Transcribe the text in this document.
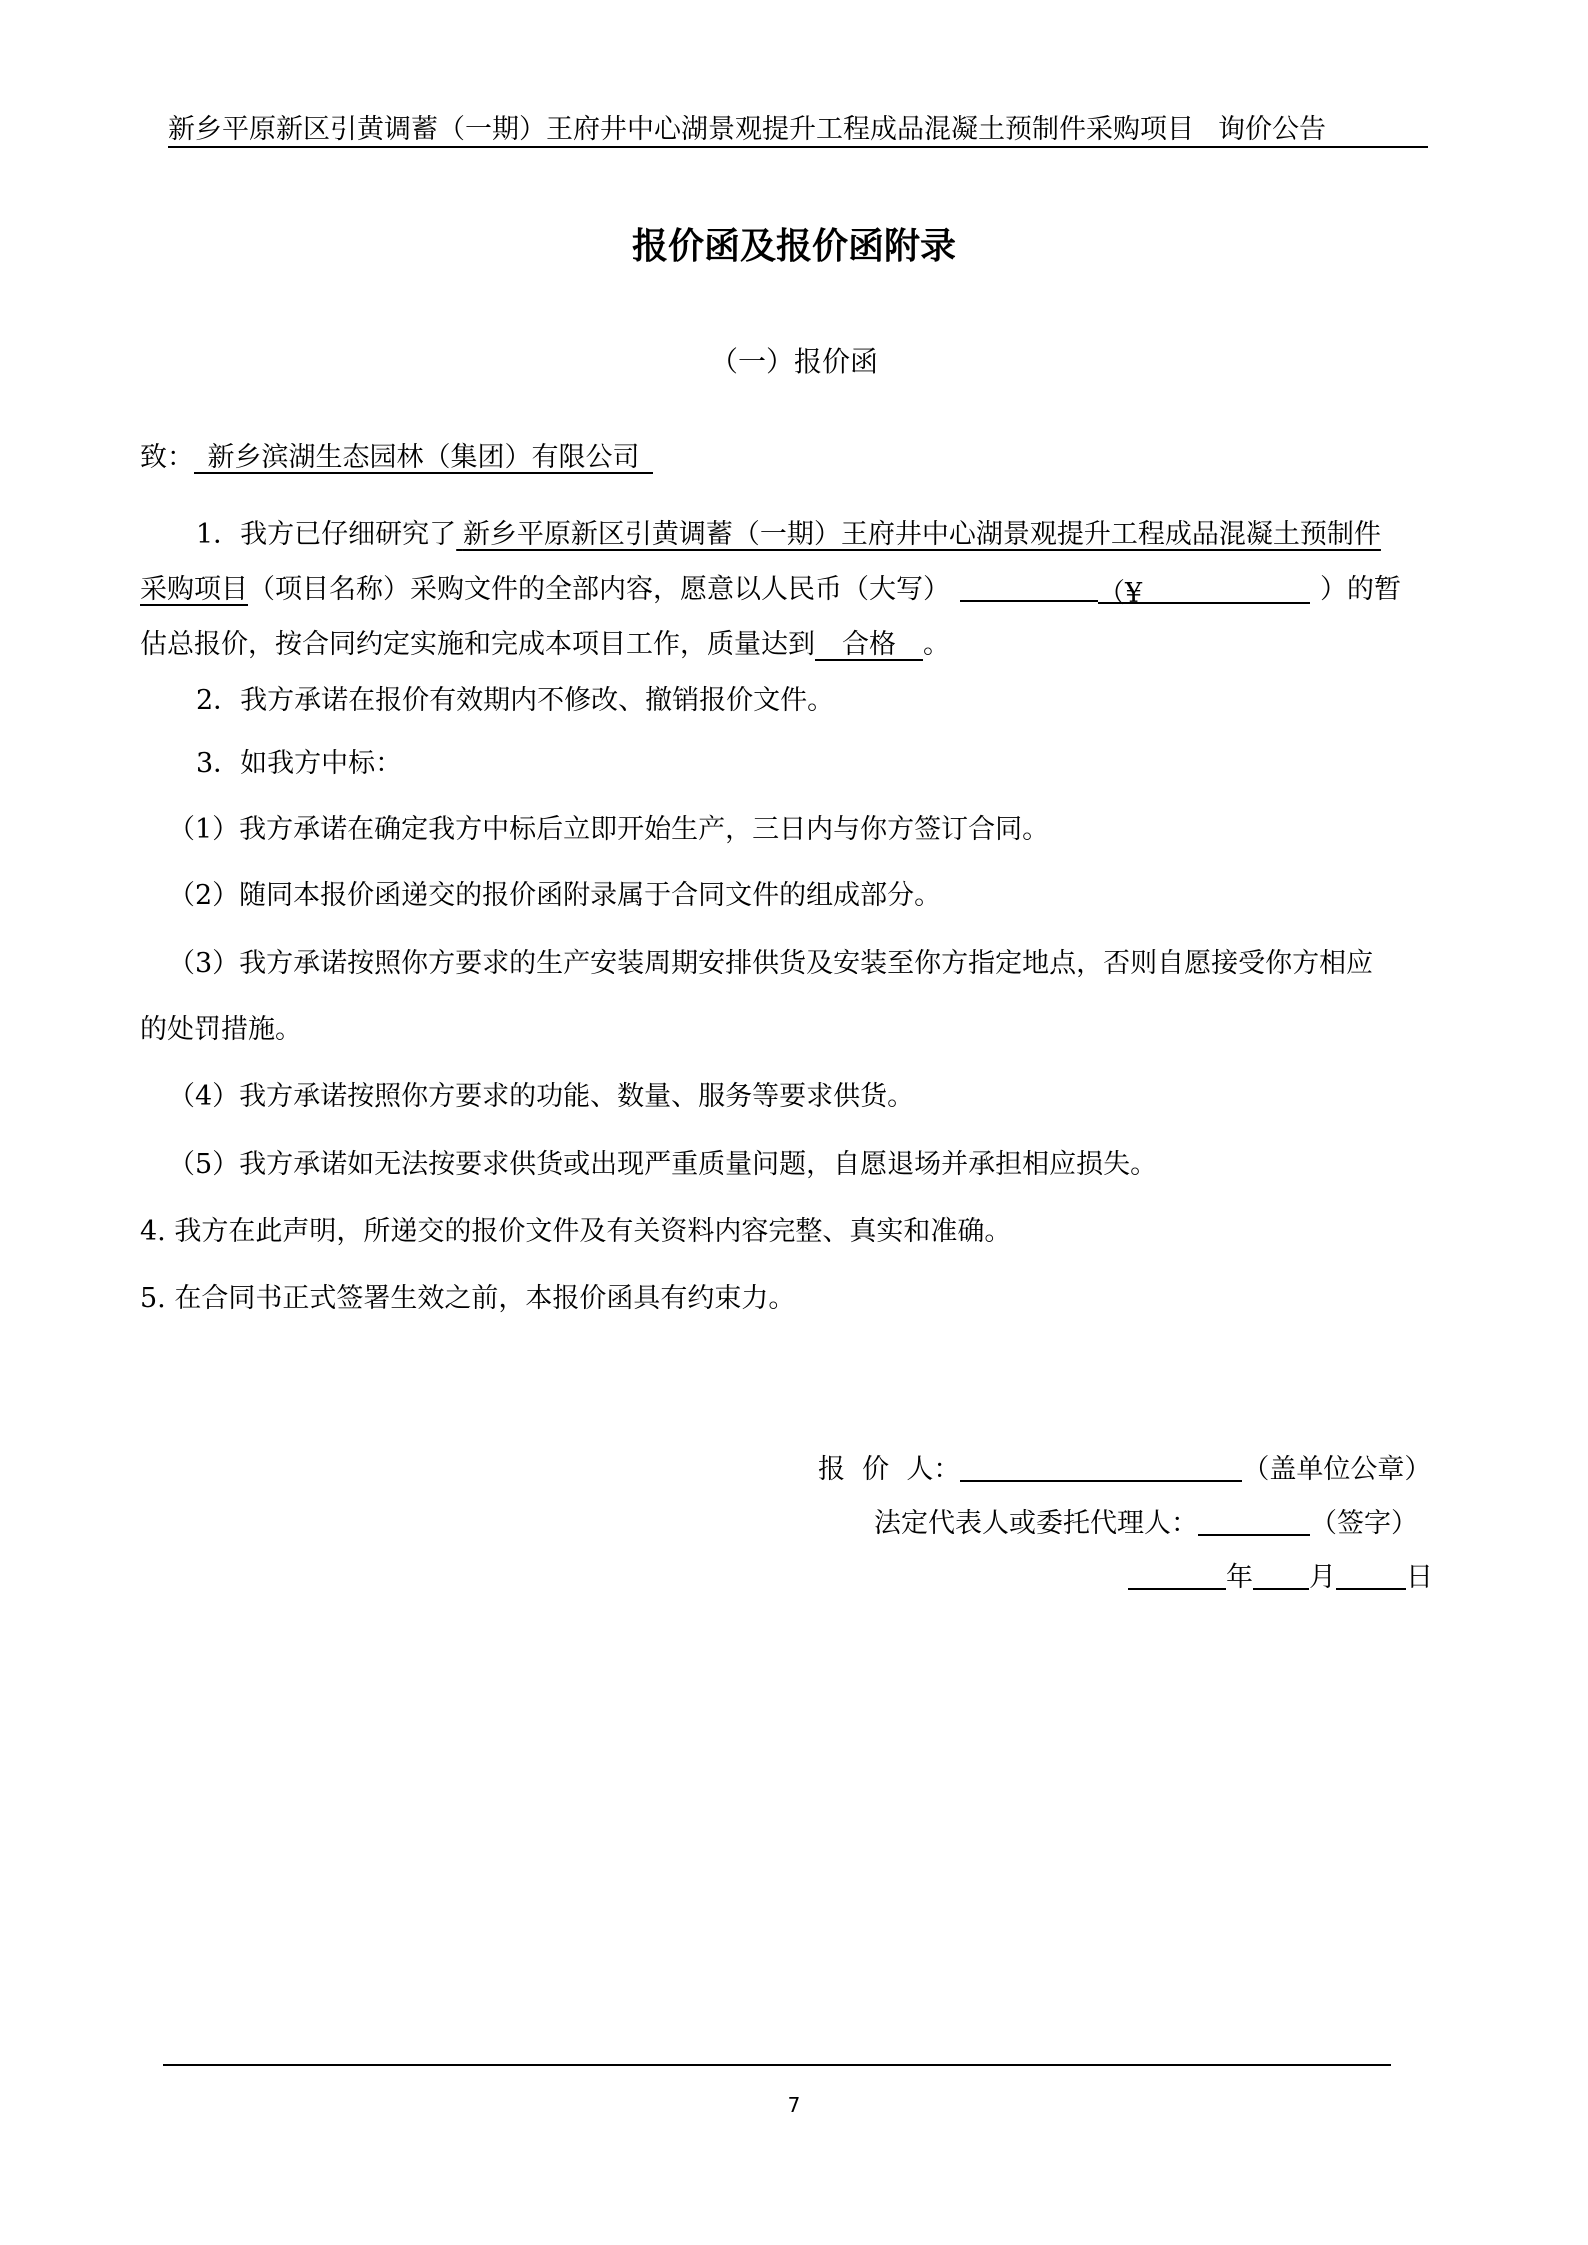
新乡平原新区引黄调蓄（一期）王府井中心湖景观提升工程成品混凝土预制件采购项目 询价公告
报价函及报价函附录
（一）报价函
致：  新乡滨湖生态园林（集团）有限公司 
1．我方已仔细研究了  新乡平原新区引黄调蓄（一期）王府井中心湖景观提升工程成品混凝土预制件
采购项目（项目名称）采购文件的全部内容，愿意以人民币（大写）	（¥	）的暂
估总报价，按合同约定实施和完成本项目工作，质量达到  合格  。
2．我方承诺在报价有效期内不修改、撤销报价文件。
3．如我方中标：
（1）我方承诺在确定我方中标后立即开始生产，三日内与你方签订合同。
（2）随同本报价函递交的报价函附录属于合同文件的组成部分。
（3）我方承诺按照你方要求的生产安装周期安排供货及安装至你方指定地点，否则自愿接受你方相应
的处罚措施。
（4）我方承诺按照你方要求的功能、数量、服务等要求供货。
（5）我方承诺如无法按要求供货或出现严重质量问题，自愿退场并承担相应损失。
4. 我方在此声明，所递交的报价文件及有关资料内容完整、真实和准确。
5. 在合同书正式签署生效之前，本报价函具有约束力。
报  价  人：	（盖单位公章）
法定代表人或委托代理人：	（签字）
年 月	日
7
